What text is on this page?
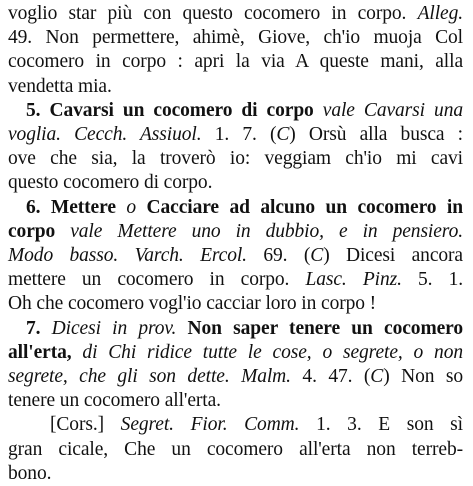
voglio star più con questo cocomero in corpo. Alleg.
49. Non permettere, ahimè, Giove, ch'io muoja Col
cocomero in corpo : apri la via A queste mani, alla
vendetta mia.
5. Cavarsi un cocomero di corpo vale Cavarsi una
voglia. Cecch. Assiuol. 1. 7. (C) Orsù alla busca :
ove che sia, la troverò io: veggiam ch'io mi cavi
questo cocomero di corpo.
6. Mettere o Cacciare ad alcuno un cocomero in
corpo vale Mettere uno in dubbio, e in pensiero.
Modo basso. Varch. Ercol. 69. (C) Dicesi ancora
mettere un cocomero in corpo. Lasc. Pinz. 5. 1.
Oh che cocomero vogl'io cacciar loro in corpo !
7. Dicesi in prov. Non saper tenere un cocomero
all'erta, di Chi ridice tutte le cose, o segrete, o non
segrete, che gli son dette. Malm. 4. 47. (C) Non so
tenere un cocomero all'erta.
[Cors.] Segret. Fior. Comm. 1. 3. E son sì
gran cicale, Che un cocomero all'erta non terreb-
bono.
